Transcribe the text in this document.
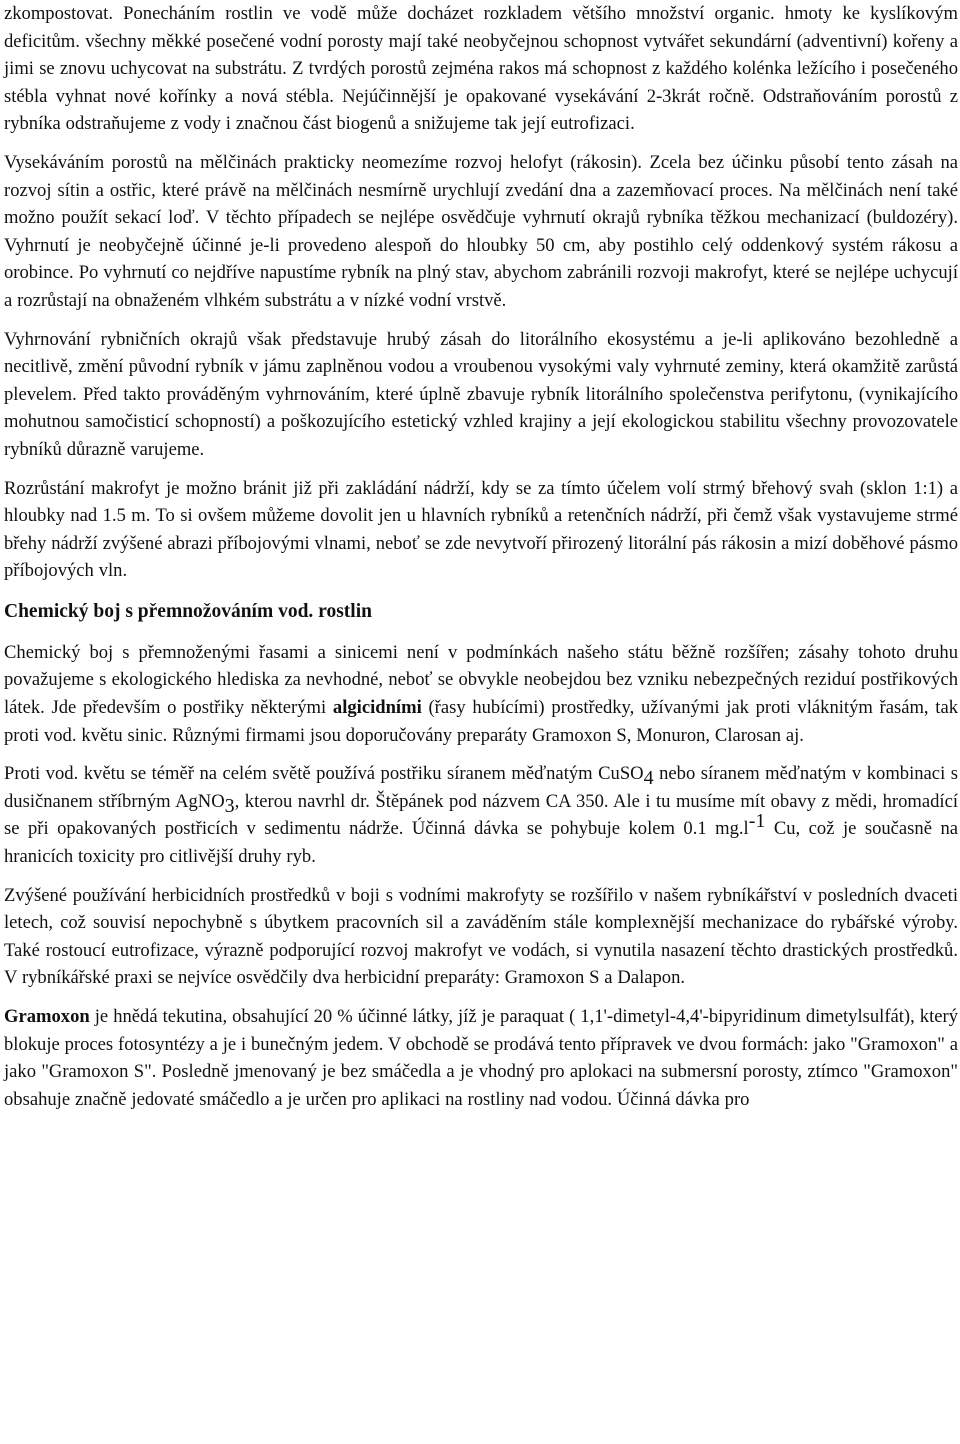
zkompostovat. Ponecháním rostlin ve vodě může docházet rozkladem většího množství organic. hmoty ke kyslíkovým deficitům. všechny měkké posečené vodní porosty mají také neobyčejnou schopnost vytvářet sekundární (adventivní) kořeny a jimi se znovu uchycovat na substrátu. Z tvrdých porostů zejména rakos má schopnost z každého kolénka ležícího i posečeného stébla vyhnat nové kořínky a nová stébla. Nejúčinnější je opakované vysekávání 2-3krát ročně. Odstraňováním porostů z rybníka odstraňujeme z vody i značnou část biogenů a snižujeme tak její eutrofizaci.

Vysekáváním porostů na mělčinách prakticky neomezíme rozvoj helofyt (rákosin). Zcela bez účinku působí tento zásah na rozvoj sítin a ostřic, které právě na mělčinách nesmírně urychlují zvedání dna a zazemňovací proces. Na mělčinách není také možno použít sekací loď. V těchto případech se nejlépe osvědčuje vyhrnutí okrajů rybníka těžkou mechanizací (buldozéry). Vyhrnutí je neobyčejně účinné je-li provedeno alespoň do hloubky 50 cm, aby postihlo celý oddenkový systém rákosu a orobince. Po vyhrnutí co nejdříve napustíme rybník na plný stav, abychom zabránili rozvoji makrofyt, které se nejlépe uchycují a rozrůstají na obnaženém vlhkém substrátu a v nízké vodní vrstvě.

Vyhrnování rybničních okrajů však představuje hrubý zásah do litorálního ekosystému a je-li aplikováno bezohledně a necitlivě, změní původní rybník v jámu zaplněnou vodou a vroubenou vysokými valy vyhrnuté zeminy, která okamžitě zarůstá plevelem. Před takto prováděným vyhrnováním, které úplně zbavuje rybník litorálního společenstva perifytonu, (vynikajícího mohutnou samočisticí schopností) a poškozujícího estetický vzhled krajiny a její ekologickou stabilitu všechny provozovatele rybníků důrazně varujeme.

Rozrůstání makrofyt je možno bránit již při zakládání nádrží, kdy se za tímto účelem volí strmý břehový svah (sklon 1:1) a hloubky nad 1.5 m. To si ovšem můžeme dovolit jen u hlavních rybníků a retenčních nádrží, při čemž však vystavujeme strmé břehy nádrží zvýšené abrazi příbojovými vlnami, neboť se zde nevytvoří přirozený litorální pás rákosin a mizí doběhové pásmo příbojových vln.

Chemický boj s přemnožováním vod. rostlin

Chemický boj s přemnoženými řasami a sinicemi není v podmínkách našeho státu běžně rozšířen; zásahy tohoto druhu považujeme s ekologického hlediska za nevhodné, neboť se obvykle neobejdou bez vzniku nebezpečných reziduí postřikových látek. Jde především o postřiky některými algicidními (řasy hubícími) prostředky, užívanými jak proti vláknitým řasám, tak proti vod. květu sinic. Různými firmami jsou doporučovány preparáty Gramoxon S, Monuron, Clarosan aj.

Proti vod. květu se téměř na celém světě používá postřiku síranem měďnatým CuSO$_4$ nebo síranem měďnatým v kombinaci s dusičnanem stříbrným AgNO$_3$, kterou navrhl dr. Štěpánek pod názvem CA 350. Ale i tu musíme mít obavy z mědi, hromadící se při opakovaných postřicích v sedimentu nádrže. Účinná dávka se pohybuje kolem 0.1 $mg.l^{-1}$ Cu, což je současně na hranicích toxicity pro citlivější druhy ryb.

Zvýšené používání herbicidních prostředků v boji s vodními makrofyty se rozšířilo v našem rybníkářství v posledních dvaceti letech, což souvisí nepochybně s úbytkem pracovních sil a zaváděním stále komplexnější mechanizace do rybářské výroby. Také rostoucí eutrofizace, výrazně podporující rozvoj makrofyt ve vodách, si vynutila nasazení těchto drastických prostředků. V rybníkářské praxi se nejvíce osvědčily dva herbicidní preparáty: Gramoxon S a Dalapon.

Gramoxon je hnědá tekutina, obsahující 20 % účinné látky, jíž je paraquat ( 1,1'-dimetyl-4,4'-bipyridinum dimetylsulfát), který blokuje proces fotosyntézy a je i bunečným jedem. V obchodě se prodává tento přípravek ve dvou formách: jako "Gramoxon" a jako "Gramoxon S". Posledně jmenovaný je bez smáčedla a je vhodný pro aplokaci na submersní porosty, ztímco "Gramoxon" obsahuje značně jedovaté smáčedlo a je určen pro aplikaci na rostliny nad vodou. Účinná dávka pro
